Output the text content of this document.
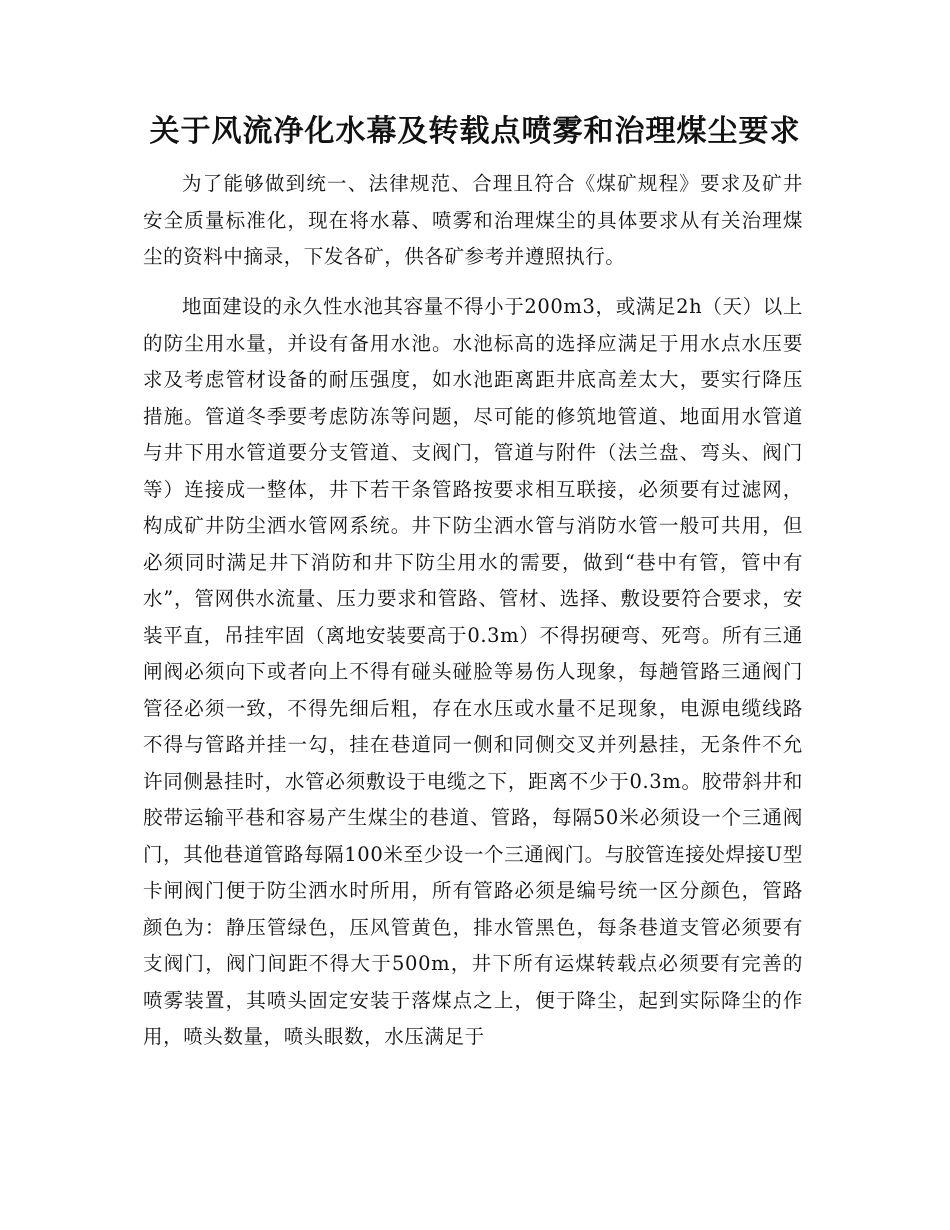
关于风流净化水幕及转载点喷雾和治理煤尘要求

为了能够做到统一、法律规范、合理且符合《煤矿规程》要求及矿井安全质量标准化，现在将水幕、喷雾和治理煤尘的具体要求从有关治理煤尘的资料中摘录，下发各矿，供各矿参考并遵照执行。

地面建设的永久性水池其容量不得小于200m3，或满足2h（天）以上的防尘用水量，并设有备用水池。水池标高的选择应满足于用水点水压要求及考虑管材设备的耐压强度，如水池距离距井底高差太大，要实行降压措施。管道冬季要考虑防冻等问题，尽可能的修筑地管道、地面用水管道与井下用水管道要分支管道、支阀门，管道与附件（法兰盘、弯头、阀门等）连接成一整体，井下若干条管路按要求相互联接，必须要有过滤网，构成矿井防尘洒水管网系统。井下防尘洒水管与消防水管一般可共用，但必须同时满足井下消防和井下防尘用水的需要，做到“巷中有管，管中有水”，管网供水流量、压力要求和管路、管材、选择、敷设要符合要求，安装平直，吊挂牢固（离地安装要高于0.3m）不得拐硬弯、死弯。所有三通闸阀必须向下或者向上不得有碰头碰脸等易伤人现象，每趟管路三通阀门管径必须一致，不得先细后粗，存在水压或水量不足现象，电源电缆线路不得与管路并挂一勾，挂在巷道同一侧和同侧交叉并列悬挂，无条件不允许同侧悬挂时，水管必须敷设于电缆之下，距离不少于0.3m。胶带斜井和胶带运输平巷和容易产生煤尘的巷道、管路，每隔50米必须设一个三通阀门，其他巷道管路每隔100米至少设一个三通阀门。与胶管连接处焊接U型卡闸阀门便于防尘洒水时所用，所有管路必须是编号统一区分颜色，管路颜色为：静压管绿色，压风管黄色，排水管黑色，每条巷道支管必须要有支阀门，阀门间距不得大于500m，井下所有运煤转载点必须要有完善的喷雾装置，其喷头固定安装于落煤点之上，便于降尘，起到实际降尘的作用，喷头数量，喷头眼数，水压满足于
